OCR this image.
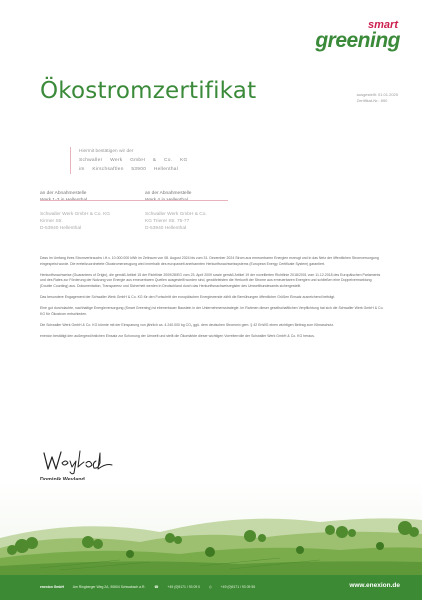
smart
greening
Ökostromzertifikat	ausgestellt: 01.01.2025
Zertifikat-Nr.: 890
Hiermit bestätigen wir der
Schwaller Werk GmbH & Co. KG
im Kirschsaftlen 53900 Hellenthal
an der Abnahmestelle
Schwaller Werk GmbH & Co. KG
Kirmer Str.
D-53940 Hellenthal
an der Abnahmestelle
Schwaller Werk GmbH & Co.
KG Trierer Str. 75-77
D-53940 Hellenthal

Dass im Umfang ihres Stromverbrauchs i.H.v. 10.000.000 kWh im Zeitraum von 08. August 2024 bis zum 31. Dezember 2024 Strom aus erneuerbaren Energien erzeugt und in das Netz der öffentlichen Stromversorgung eingespeist wurde. Die ereteilzuordnetete Ökostromerzeugung wird innerhalb des europaweit anerkannten Herkunftsnachweissystems (European Energy Certificate System) garantiert.

Herkunftsnachweise (Guarantees of Origin), die gemäß Artikel 15 der Richtlinie 2009/28/EG vom 23. April 2009 sowie gemäß Artikel 19 der novellierten Richtlinie 2018/2001 vom 11.12.2018 des Europäischen Parlaments und des Rates zur Förderung der Nutzung von Energie aus erneuerbaren Quellen ausgestellt worden sind, gewährleisten die Herkunft der Strome aus erneuerbaren Energien und schließen eine Doppelvermarktung (Double Counting) aus. Dokumentation, Transparenz und Sicherheit werden in Deutschland durch das Herkunftsnachweisregister des Umweltbundesamts sichergestellt.

Das besondere Engagement der Schwaller Werk GmbH & Co. KG für den Fortschritt der europäischen Energiewende zählt die Bemühungen öffentlicher Größen Einsatz ausreichend beiträgt.

Eine gut durchdachte, nachhaltige Energieversorgung (Smart Greening) ist ebenerbauer Baustein in der Unternehmensstrategie. Im Rahmen dieser gesellschaftlichen Verpflichtung hat sich die Schwaller Werk GmbH & Co. KG für Ökostrom entschieden.

Die Schwaller Werk GmbH & Co. KG könnte mit der Einsparung von jährlich ca. 4.240.000 kg CO₂ ggü. dem deutschen Strommix gem. § 42 EnWG einen wichtigen Beitrag zum Klimaschutz.

enexion bestätigt den außergewöhnlichen Einsatz zur Schonung der Umwelt und stellt die Ökomärkte dieser wichtigen Vorreiterrolle der Schwaller Werk GmbH & Co. KG heraus.

enexion GmbH	Am Ringberger Weg 2A, 90604 Schwabach a.R.	☎	+49 (0)9171 / 93 09 0	⎙	+49 (0)9171 / 93 09 55	www.enexion.de
